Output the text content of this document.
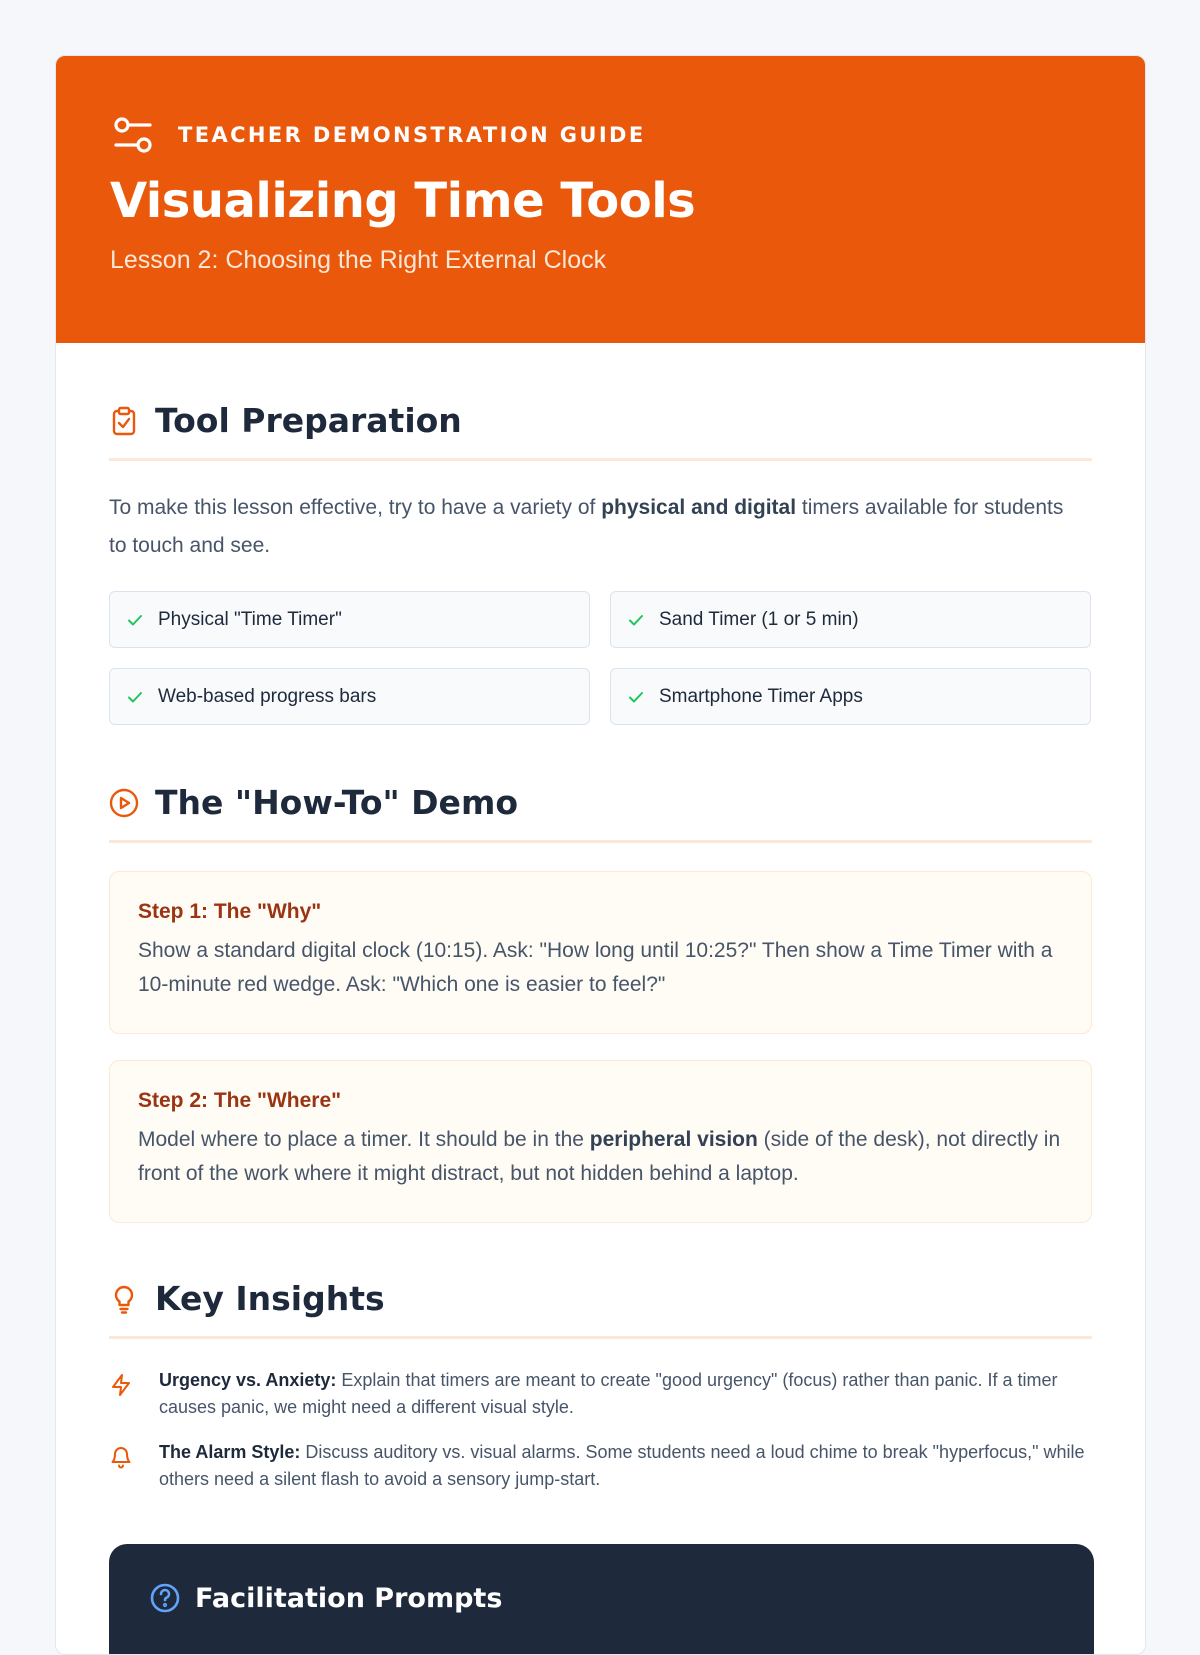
TEACHER DEMONSTRATION GUIDE
Visualizing Time Tools
Lesson 2: Choosing the Right External Clock
Tool Preparation

To make this lesson effective, try to have a variety of physical and digital timers available for students to touch and see.

Physical "Time Timer"	Sand Timer (1 or 5 min)
Web-based progress bars	Smartphone Timer Apps
The "How-To" Demo
Step 1: The "Why"

Show a standard digital clock (10:15). Ask: "How long until 10:25?" Then show a Time Timer with a 10-minute red wedge. Ask: "Which one is easier to feel?"

Step 2: The "Where"

Model where to place a timer. It should be in the peripheral vision (side of the desk), not directly in front of the work where it might distract, but not hidden behind a laptop.

Key Insights

Urgency vs. Anxiety: Explain that timers are meant to create "good urgency" (focus) rather than panic. If a timer causes panic, we might need a different visual style.

The Alarm Style: Discuss auditory vs. visual alarms. Some students need a loud chime to break "hyperfocus," while others need a silent flash to avoid a sensory jump-start.

Facilitation Prompts
